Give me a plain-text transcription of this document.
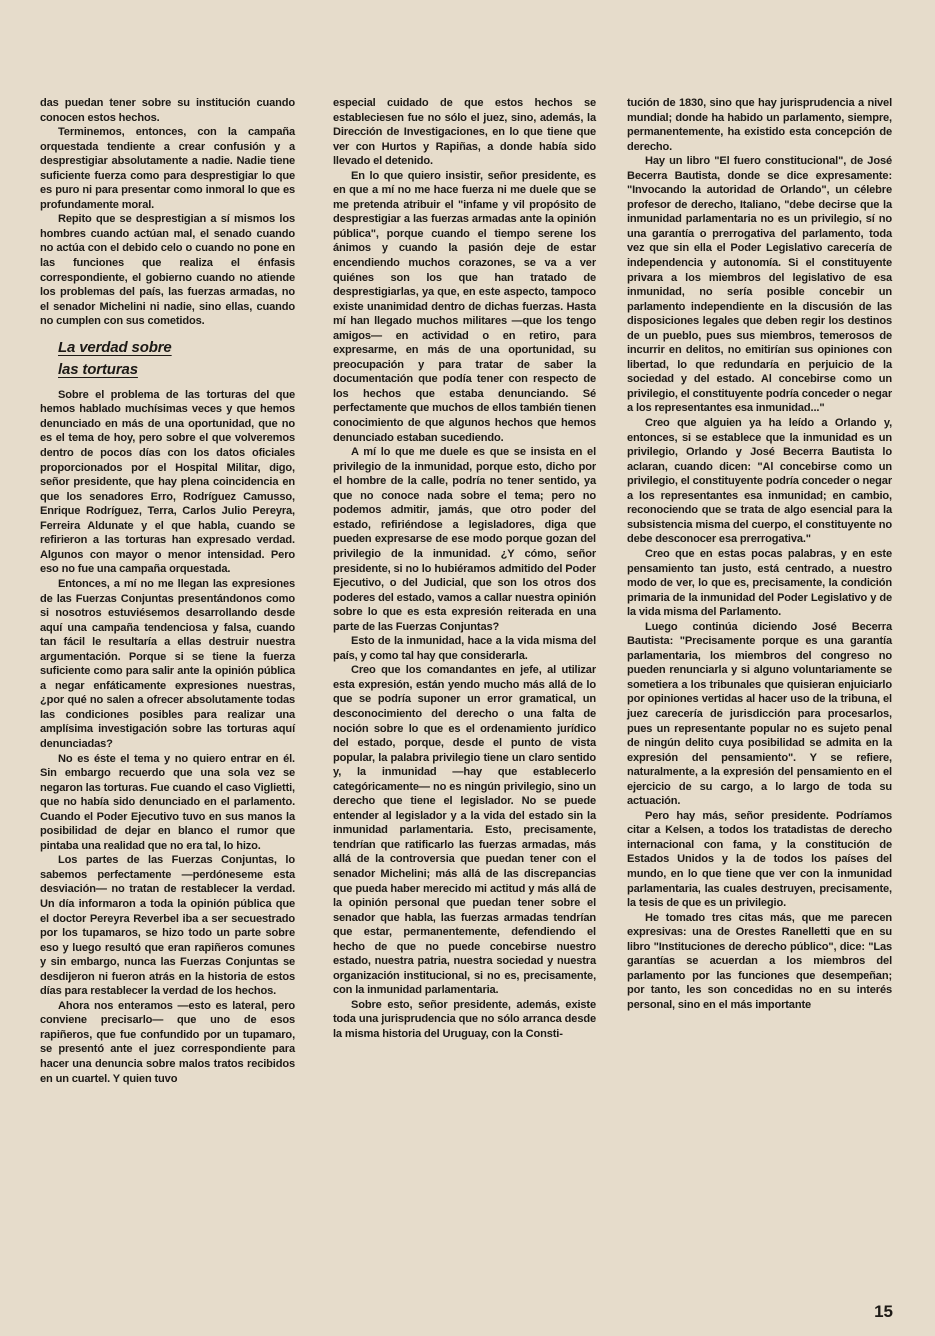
das puedan tener sobre su institución cuando conocen estos hechos.

Terminemos, entonces, con la campaña orquestada tendiente a crear confusión y a desprestigiar absolutamente a nadie. Nadie tiene suficiente fuerza como para desprestigiar lo que es puro ni para presentar como inmoral lo que es profundamente moral.

Repito que se desprestigian a sí mismos los hombres cuando actúan mal, el senado cuando no actúa con el debido celo o cuando no pone en las funciones que realiza el énfasis correspondiente, el gobierno cuando no atiende los problemas del país, las fuerzas armadas, no el senador Michelini ni nadie, sino ellas, cuando no cumplen con sus cometidos.

La verdad sobre

las torturas

Sobre el problema de las torturas del que hemos hablado muchísimas veces y que hemos denunciado en más de una oportunidad, que no es el tema de hoy, pero sobre el que volveremos dentro de pocos días con los datos oficiales proporcionados por el Hospital Militar, digo, señor presidente, que hay plena coincidencia en que los senadores Erro, Rodríguez Camusso, Enrique Rodríguez, Terra, Carlos Julio Pereyra, Ferreira Aldunate y el que habla, cuando se refirieron a las torturas han expresado verdad. Algunos con mayor o menor intensidad. Pero eso no fue una campaña orquestada.

Entonces, a mí no me llegan las expresiones de las Fuerzas Conjuntas presentándonos como si nosotros estuviésemos desarrollando desde aquí una campaña tendenciosa y falsa, cuando tan fácil le resultaría a ellas destruir nuestra argumentación. Porque si se tiene la fuerza suficiente como para salir ante la opinión pública a negar enfáticamente expresiones nuestras, ¿por qué no salen a ofrecer absolutamente todas las condiciones posibles para realizar una amplísima investigación sobre las torturas aquí denunciadas?

No es éste el tema y no quiero entrar en él. Sin embargo recuerdo que una sola vez se negaron las torturas. Fue cuando el caso Viglietti, que no había sido denunciado en el parlamento. Cuando el Poder Ejecutivo tuvo en sus manos la posibilidad de dejar en blanco el rumor que pintaba una realidad que no era tal, lo hizo.

Los partes de las Fuerzas Conjuntas, lo sabemos perfectamente —perdóneseme esta desviación— no tratan de restablecer la verdad. Un día informaron a toda la opinión pública que el doctor Pereyra Reverbel iba a ser secuestrado por los tupamaros, se hizo todo un parte sobre eso y luego resultó que eran rapiñeros comunes y sin embargo, nunca las Fuerzas Conjuntas se desdijeron ni fueron atrás en la historia de estos días para restablecer la verdad de los hechos.

Ahora nos enteramos —esto es lateral, pero conviene precisarlo— que uno de esos rapiñeros, que fue confundido por un tupamaro, se presentó ante el juez correspondiente para hacer una denuncia sobre malos tratos recibidos en un cuartel. Y quien tuvo

especial cuidado de que estos hechos se estableciesen fue no sólo el juez, sino, además, la Dirección de Investigaciones, en lo que tiene que ver con Hurtos y Rapiñas, a donde había sido llevado el detenido.

En lo que quiero insistir, señor presidente, es en que a mí no me hace fuerza ni me duele que se me pretenda atribuir el "infame y vil propósito de desprestigiar a las fuerzas armadas ante la opinión pública", porque cuando el tiempo serene los ánimos y cuando la pasión deje de estar encendiendo muchos corazones, se va a ver quiénes son los que han tratado de desprestigiarlas, ya que, en este aspecto, tampoco existe unanimidad dentro de dichas fuerzas. Hasta mí han llegado muchos militares —que los tengo amigos— en actividad o en retiro, para expresarme, en más de una oportunidad, su preocupación y para tratar de saber la documentación que podía tener con respecto de los hechos que estaba denunciando. Sé perfectamente que muchos de ellos también tienen conocimiento de que algunos hechos que hemos denunciado estaban sucediendo.

A mí lo que me duele es que se insista en el privilegio de la inmunidad, porque esto, dicho por el hombre de la calle, podría no tener sentido, ya que no conoce nada sobre el tema; pero no podemos admitir, jamás, que otro poder del estado, refiriéndose a legisladores, diga que pueden expresarse de ese modo porque gozan del privilegio de la inmunidad. ¿Y cómo, señor presidente, si no lo hubiéramos admitido del Poder Ejecutivo, o del Judicial, que son los otros dos poderes del estado, vamos a callar nuestra opinión sobre lo que es esta expresión reiterada en una parte de las Fuerzas Conjuntas?

Esto de la inmunidad, hace a la vida misma del país, y como tal hay que considerarla.

Creo que los comandantes en jefe, al utilizar esta expresión, están yendo mucho más allá de lo que se podría suponer un error gramatical, un desconocimiento del derecho o una falta de noción sobre lo que es el ordenamiento jurídico del estado, porque, desde el punto de vista popular, la palabra privilegio tiene un claro sentido y, la inmunidad —hay que establecerlo categóricamente— no es ningún privilegio, sino un derecho que tiene el legislador. No se puede entender al legislador y a la vida del estado sin la inmunidad parlamentaria. Esto, precisamente, tendrían que ratificarlo las fuerzas armadas, más allá de la controversia que puedan tener con el senador Michelini; más allá de las discrepancias que pueda haber merecido mi actitud y más allá de la opinión personal que puedan tener sobre el senador que habla, las fuerzas armadas tendrían que estar, permanentemente, defendiendo el hecho de que no puede concebirse nuestro estado, nuestra patria, nuestra sociedad y nuestra organización institucional, si no es, precisamente, con la inmunidad parlamentaria.

Sobre esto, señor presidente, además, existe toda una jurisprudencia que no sólo arranca desde la misma historia del Uruguay, con la Consti-

tución de 1830, sino que hay jurisprudencia a nivel mundial; donde ha habido un parlamento, siempre, permanentemente, ha existido esta concepción de derecho.

Hay un libro "El fuero constitucional", de José Becerra Bautista, donde se dice expresamente: "Invocando la autoridad de Orlando", un célebre profesor de derecho, Italiano, "debe decirse que la inmunidad parlamentaria no es un privilegio, sí no una garantía o prerrogativa del parlamento, toda vez que sin ella el Poder Legislativo carecería de independencia y autonomía. Si el constituyente privara a los miembros del legislativo de esa inmunidad, no sería posible concebir un parlamento independiente en la discusión de las disposiciones legales que deben regir los destinos de un pueblo, pues sus miembros, temerosos de incurrir en delitos, no emitirían sus opiniones con libertad, lo que redundaría en perjuicio de la sociedad y del estado. Al concebirse como un privilegio, el constituyente podría conceder o negar a los representantes esa inmunidad..."

Creo que alguien ya ha leído a Orlando y, entonces, si se establece que la inmunidad es un privilegio, Orlando y José Becerra Bautista lo aclaran, cuando dicen: "Al concebirse como un privilegio, el constituyente podría conceder o negar a los representantes esa inmunidad; en cambio, reconociendo que se trata de algo esencial para la subsistencia misma del cuerpo, el constituyente no debe desconocer esa prerrogativa."

Creo que en estas pocas palabras, y en este pensamiento tan justo, está centrado, a nuestro modo de ver, lo que es, precisamente, la condición primaria de la inmunidad del Poder Legislativo y de la vida misma del Parlamento.

Luego continúa diciendo José Becerra Bautista: "Precisamente porque es una garantía parlamentaria, los miembros del congreso no pueden renunciarla y si alguno voluntariamente se sometiera a los tribunales que quisieran enjuiciarlo por opiniones vertidas al hacer uso de la tribuna, el juez carecería de jurisdicción para procesarlos, pues un representante popular no es sujeto penal de ningún delito cuya posibilidad se admita en la expresión del pensamiento". Y se refiere, naturalmente, a la expresión del pensamiento en el ejercicio de su cargo, a lo largo de toda su actuación.

Pero hay más, señor presidente. Podríamos citar a Kelsen, a todos los tratadistas de derecho internacional con fama, y la constitución de Estados Unidos y la de todos los países del mundo, en lo que tiene que ver con la inmunidad parlamentaria, las cuales destruyen, precisamente, la tesis de que es un privilegio.

He tomado tres citas más, que me parecen expresivas: una de Orestes Ranelletti que en su libro "Instituciones de derecho público", dice: "Las garantías se acuerdan a los miembros del parlamento por las funciones que desempeñan; por tanto, les son concedidas no en su interés personal, sino en el más importante

15
